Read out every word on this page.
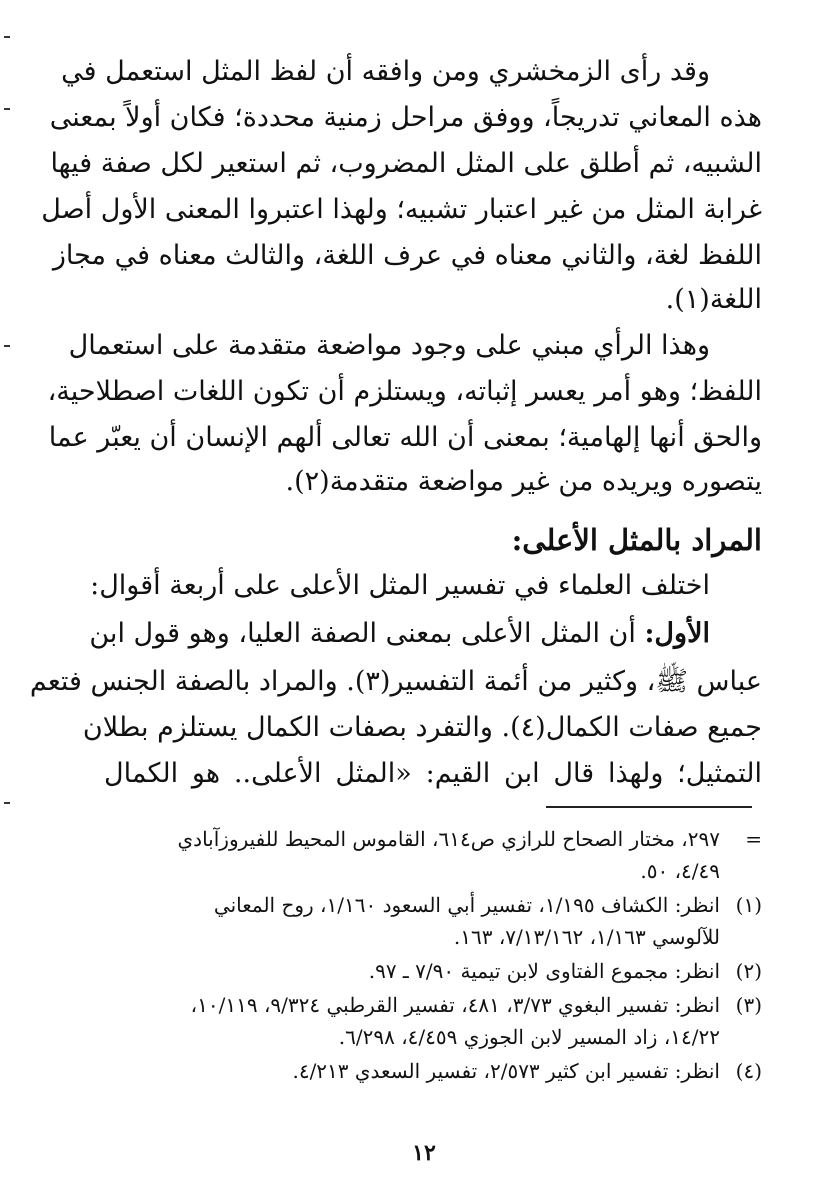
وقد رأى الزمخشري ومن وافقه أن لفظ المثل استعمل في
هذه المعاني تدريجاً، ووفق مراحل زمنية محددة؛ فكان أولاً بمعنى
الشبيه، ثم أطلق على المثل المضروب، ثم استعير لكل صفة فيها
غرابة المثل من غير اعتبار تشبيه؛ ولهذا اعتبروا المعنى الأول أصل
اللفظ لغة، والثاني معناه في عرف اللغة، والثالث معناه في مجاز
اللغة(١).
وهذا الرأي مبني على وجود مواضعة متقدمة على استعمال
اللفظ؛ وهو أمر يعسر إثباته، ويستلزم أن تكون اللغات اصطلاحية،
والحق أنها إلهامية؛ بمعنى أن الله تعالى ألهم الإنسان أن يعبّر عما
يتصوره ويريده من غير مواضعة متقدمة(٢).
المراد بالمثل الأعلى:
اختلف العلماء في تفسير المثل الأعلى على أربعة أقوال:
الأول: أن المثل الأعلى بمعنى الصفة العليا، وهو قول ابن
عباس ﷺ، وكثير من أئمة التفسير(٣). والمراد بالصفة الجنس فتعم
جميع صفات الكمال(٤). والتفرد بصفات الكمال يستلزم بطلان
التمثيل؛ ولهذا قال ابن القيم: «المثل الأعلى.. هو الكمال
=٢٩٧، مختار الصحاح للرازي ص٦١٤، القاموس المحيط للفيروزآبادي
٤/٤٩، ٥٠.
(١)انظر: الكشاف ١/١٩٥، تفسير أبي السعود ١/١٦٠، روح المعاني
للآلوسي ١/١٦٣، ٧/١٣/١٦٢، ١٦٣.
(٢)انظر: مجموع الفتاوى لابن تيمية ٧/٩٠ ـ ٩٧.
(٣)انظر: تفسير البغوي ٣/٧٣، ٤٨١، تفسير القرطبي ٩/٣٢٤، ١٠/١١٩،
١٤/٢٢، زاد المسير لابن الجوزي ٤/٤٥٩، ٦/٢٩٨.
(٤)انظر: تفسير ابن كثير ٢/٥٧٣، تفسير السعدي ٤/٢١٣.
١٢
